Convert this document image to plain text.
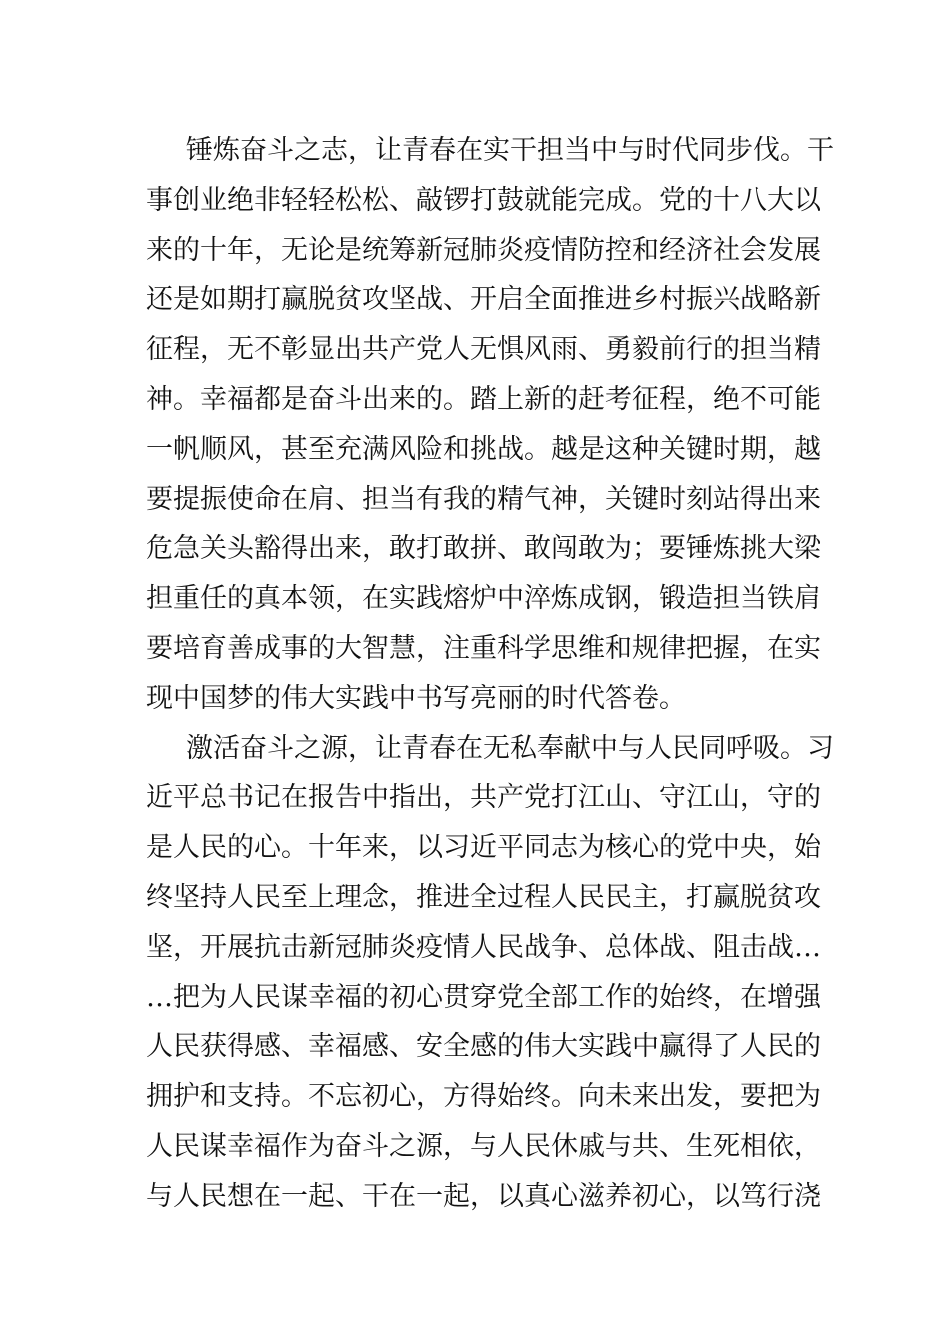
锤炼奋斗之志，让青春在实干担当中与时代同步伐。干
事创业绝非轻轻松松、敲锣打鼓就能完成。党的十八大以
来的十年，无论是统筹新冠肺炎疫情防控和经济社会发展
还是如期打赢脱贫攻坚战、开启全面推进乡村振兴战略新
征程，无不彰显出共产党人无惧风雨、勇毅前行的担当精
神。幸福都是奋斗出来的。踏上新的赶考征程，绝不可能
一帆顺风，甚至充满风险和挑战。越是这种关键时期，越
要提振使命在肩、担当有我的精气神，关键时刻站得出来
危急关头豁得出来，敢打敢拼、敢闯敢为；要锤炼挑大梁
担重任的真本领，在实践熔炉中淬炼成钢，锻造担当铁肩
要培育善成事的大智慧，注重科学思维和规律把握，在实
现中国梦的伟大实践中书写亮丽的时代答卷。
激活奋斗之源，让青春在无私奉献中与人民同呼吸。习
近平总书记在报告中指出，共产党打江山、守江山，守的
是人民的心。十年来，以习近平同志为核心的党中央，始
终坚持人民至上理念，推进全过程人民民主，打赢脱贫攻
坚，开展抗击新冠肺炎疫情人民战争、总体战、阻击战…
…把为人民谋幸福的初心贯穿党全部工作的始终，在增强
人民获得感、幸福感、安全感的伟大实践中赢得了人民的
拥护和支持。不忘初心，方得始终。向未来出发，要把为
人民谋幸福作为奋斗之源，与人民休戚与共、生死相依，
与人民想在一起、干在一起，以真心滋养初心，以笃行浇
